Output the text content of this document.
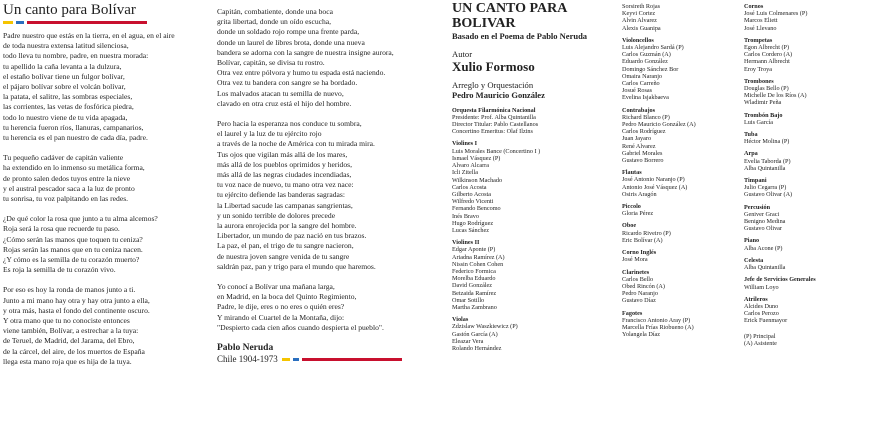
Un canto para Bolívar

Padre nuestro que estás en la tierra, en el agua, en el aire
de toda nuestra extensa latitud silenciosa,
todo lleva tu nombre, padre, en nuestra morada:
tu apellido la caña levanta a la dulzura,
el estaño bolívar tiene un fulgor bolívar,
el pájaro bolívar sobre el volcán bolívar,
la patata, el salitre, las sombras especiales,
las corrientes, las vetas de fosfórica piedra,
todo lo nuestro viene de tu vida apagada,
tu herencia fueron ríos, llanuras, campanarios,
tu herencia es el pan nuestro de cada día, padre.

Tu pequeño cadáver de capitán valiente
ha extendido en lo inmenso su metálica forma,
de pronto salen dedos tuyos entre la nieve
y el austral pescador saca a la luz de pronto
tu sonrisa, tu voz palpitando en las redes.

¿De qué color la rosa que junto a tu alma alcemos?
Roja será la rosa que recuerde tu paso.
¿Cómo serán las manos que toquen tu ceniza?
Rojas serán las manos que en tu ceniza nacen.
¿Y cómo es la semilla de tu corazón muerto?
Es roja la semilla de tu corazón vivo.

Por eso es hoy la ronda de manos junto a ti.
Junto a mi mano hay otra y hay otra junto a ella,
y otra más, hasta el fondo del continente oscuro.
Y otra mano que tu no conociste entonces
viene también, Bolívar, a estrechar a la tuya:
de Teruel, de Madrid, del Jarama, del Ebro,
de la cárcel, del aire, de los muertos de España
llega esta mano roja que es hija de la tuya.

Capitán, combatiente, donde una boca
grita libertad, donde un oído escucha,
donde un soldado rojo rompe una frente parda,
donde un laurel de libres brota, donde una nueva
bandera se adorna con la sangre de nuestra insigne aurora,
Bolívar, capitán, se divisa tu rostro.
Otra vez entre pólvora y humo tu espada está naciendo.
Otra vez tu bandera con sangre se ha bordado.
Los malvados atacan tu semilla de nuevo,
clavado en otra cruz está el hijo del hombre.

Pero hacia la esperanza nos conduce tu sombra,
el laurel y la luz de tu ejército rojo
a través de la noche de América con tu mirada mira.
Tus ojos que vigilan más allá de los mares,
más allá de los pueblos oprimidos y heridos,
más allá de las negras ciudades incendiadas,
tu voz nace de nuevo, tu mano otra vez nace:
tu ejército defiende las banderas sagradas:
la Libertad sacude las campanas sangrientas,
y un sonido terrible de dolores precede
la aurora enrojecida por la sangre del hombre.
Libertador, un mundo de paz nació en tus brazos.
La paz, el pan, el trigo de tu sangre nacieron,
de nuestra joven sangre venida de tu sangre
saldrán paz, pan y trigo para el mundo que haremos.

Yo conocí a Bolívar una mañana larga,
en Madrid, en la boca del Quinto Regimiento,
Padre, le dije, eres o no eres o quién eres?
Y mirando el Cuartel de la Montaña, dijo:
"Despierto cada cien años cuando despierta el pueblo".

Pablo Neruda
Chile 1904-1973
UN CANTO PARA BOLIVAR
Basado en el Poema de Pablo Neruda
Autor
Xulio Formoso
Arreglo y Orquestación
Pedro Mauricio González
Orquesta Filarmónica Nacional
Presidente: Prof. Alba Quintanilla
Director Titular: Pablo Castellanos
Concertino Emeritus: Olaf Ilzins
Violines I
Luis Morales Bance (Concertino I )
Ismael Vásquez (P)
Alvaro Alcarra
Icli Zitella
Wilkinson Machado
Carlos Acosta
Gilberto Acosta
Wilfredo Vicenti
Fernando Bencomo
Inés Bravo
Hugo Rodríguez
Lucas Sánchez
Violines II
Edgar Aponte (P)
Ariadna Ramírez (A)
Nissin Cohen Cohen
Federico Formica
Morelba Eduardo
David González
Betzaida Ramírez
Omar Sotillo
Martha Zambrano
Violas
Zdzislaw Waszkiewicz (P)
Gastón García (A)
Eleazar Vera
Rolando Hernández
Sorsireth Rojas
Keyvi Cortez
Alvin Alvarez
Alexis Guanipa
Violoncellos
Luis Alejandro Sardá (P)
Carlos Guzmán (A)
Eduardo González
Domingo Sánchez Bor
Omaira Naranjo
Carlos Carreño
Josué Rosas
Evelina Isjakbaeva
Contrabajos
Richard Blanco (P)
Pedro Mauricio González (A)
Carlos Rodríguez
Juan Jayaro
René Alvarez
Gabriel Morales
Gustavo Borrero
Flautas
José Antonio Naranjo (P)
Antonio José Vásquez (A)
Osiris Aragón
Piccolo
Gloria Pérez
Oboe
Ricardo Riveiro (P)
Eric Bolívar (A)
Corno Inglés
José Mora
Clarinetes
Carlos Bello
Obed Rincón (A)
Pedro Naranjo
Gustavo Díaz
Fagotes
Francisco Antonio Aray (P)
Marcella Frías Riobueno (A)
Yolangela Díaz
Cornos
José Luis Colmenares (P)
Marcos Eliett
José Llevano
Trompetas
Egon Albrecht (P)
Carlos Cordero (A)
Hermann Albrecht
Eroy Troya
Trombones
Douglas Bello (P)
Michelle De los Ríos (A)
Wladimir Peña
Trombón Bajo
Luis García
Tuba
Héctor Molina (P)
Arpa
Evelia Taborda (P)
Alba Quintanilla
Timpani
Julio Cegarra (P)
Gustavo Olivar (A)
Percusión
Geniver Graci
Benigno Medina
Gustavo Olivar
Piano
Alba Acone (P)
Celesta
Alba Quintanilla
Jefe de Servicios Generales
William Loyo
Atrileros
Alcides Duno
Carlos Perozo
Erick Fuenmayor
(P) Principal
(A) Asistente
